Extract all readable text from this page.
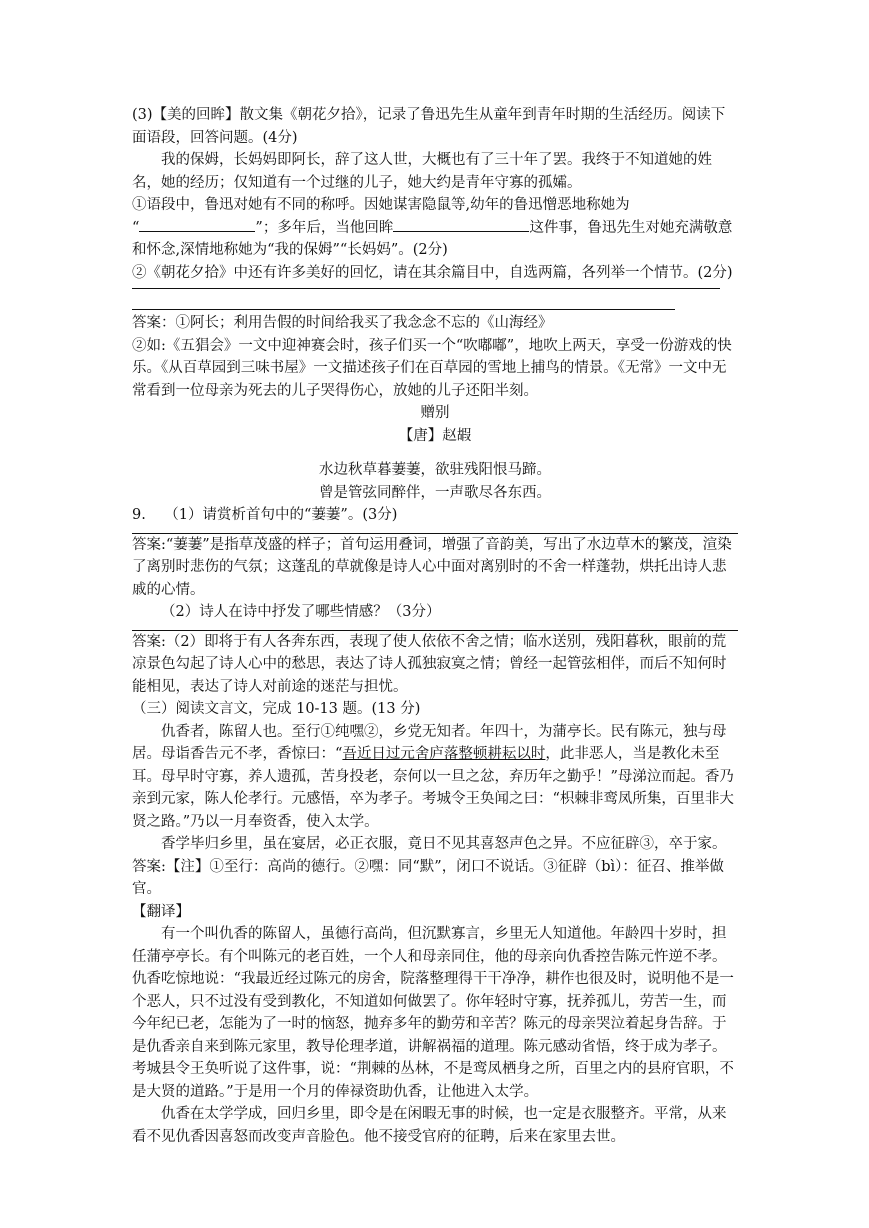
(3)【美的回眸】散文集《朝花夕拾》，记录了鲁迅先生从童年到青年时期的生活经历。阅读下面语段，回答问题。(4分)

我的保姆，长妈妈即阿长，辞了这人世，大概也有了三十年了罢。我终于不知道她的姓名，她的经历；仅知道有一个过继的儿子，她大约是青年守寡的孤孀。

①语段中，鲁迅对她有不同的称呼。因她谋害隐鼠等,幼年的鲁迅憎恶地称她为

“	”；多年后，当他回眸	这件事，鲁迅先生对她充满敬意和怀念,深情地称她为“我的保姆”“长妈妈”。(2分)

②《朝花夕拾》中还有许多美好的回忆，请在其余篇目中，自选两篇，各列举一个情节。(2分)

答案：①阿长；利用告假的时间给我买了我念念不忘的《山海经》

②如:《五猖会》一文中迎神赛会时，孩子们买一个“吹嘟嘟”，地吹上两天，享受一份游戏的快乐。《从百草园到三味书屋》一文描述孩子们在百草园的雪地上捕鸟的情景。《无常》一文中无常看到一位母亲为死去的儿子哭得伤心，放她的儿子还阳半刻。

赠别

【唐】赵嘏

水边秋草暮萋萋，欲驻残阳恨马蹄。

曾是管弦同醉伴，一声歌尽各东西。

9. （1）请赏析首句中的“萋萋”。(3分)

答案:“萋萋”是指草茂盛的样子；首句运用叠词，增强了音韵美，写出了水边草木的繁茂，渲染了离别时悲伤的气氛；这蓬乱的草就像是诗人心中面对离别时的不舍一样蓬勃，烘托出诗人悲戚的心情。

（2）诗人在诗中抒发了哪些情感？（3分）

答案:（2）即将于有人各奔东西，表现了使人依依不舍之情；临水送别，残阳暮秋，眼前的荒凉景色勾起了诗人心中的愁思，表达了诗人孤独寂寞之情；曾经一起管弦相伴，而后不知何时能相见，表达了诗人对前途的迷茫与担忧。

（三）阅读文言文，完成 10-13 题。(13 分)

仇香者，陈留人也。至行①纯嘿②，乡党无知者。年四十，为蒲亭长。民有陈元，独与母居。母诣香告元不孝，香惊曰：“吾近日过元舍庐落整顿耕耘以时，此非恶人，当是教化未至耳。母早时守寡，养人遗孤，苦身投老，奈何以一旦之忿，弃历年之勤乎！”母涕泣而起。香乃亲到元家，陈人伦孝行。元感悟，卒为孝子。考城令王奂闻之曰：“枳棘非鸾凤所集，百里非大贤之路。”乃以一月奉资香，使入太学。

香学毕归乡里，虽在宴居，必正衣服，竟日不见其喜怒声色之异。不应征辟③，卒于家。

答案:【注】①至行：高尚的德行。②嘿：同“默”，闭口不说话。③征辟（bì）：征召、推举做官。

【翻译】

有一个叫仇香的陈留人，虽德行高尚，但沉默寡言，乡里无人知道他。年龄四十岁时，担任蒲亭亭长。有个叫陈元的老百姓，一个人和母亲同住，他的母亲向仇香控告陈元忤逆不孝。仇香吃惊地说：“我最近经过陈元的房舍，院落整理得干干净净，耕作也很及时，说明他不是一个恶人，只不过没有受到教化，不知道如何做罢了。你年轻时守寡，抚养孤儿，劳苦一生，而今年纪已老，怎能为了一时的恼怒，抛弃多年的勤劳和辛苦？陈元的母亲哭泣着起身告辞。于是仇香亲自来到陈元家里，教导伦理孝道，讲解祸福的道理。陈元感动省悟，终于成为孝子。考城县令王奂听说了这件事，说：“荆棘的丛林，不是鸾凤栖身之所，百里之内的县府官职，不是大贤的道路。”于是用一个月的俸禄资助仇香，让他进入太学。

仇香在太学学成，回归乡里，即令是在闲暇无事的时候，也一定是衣服整齐。平常，从来看不见仇香因喜怒而改变声音脸色。他不接受官府的征聘，后来在家里去世。
